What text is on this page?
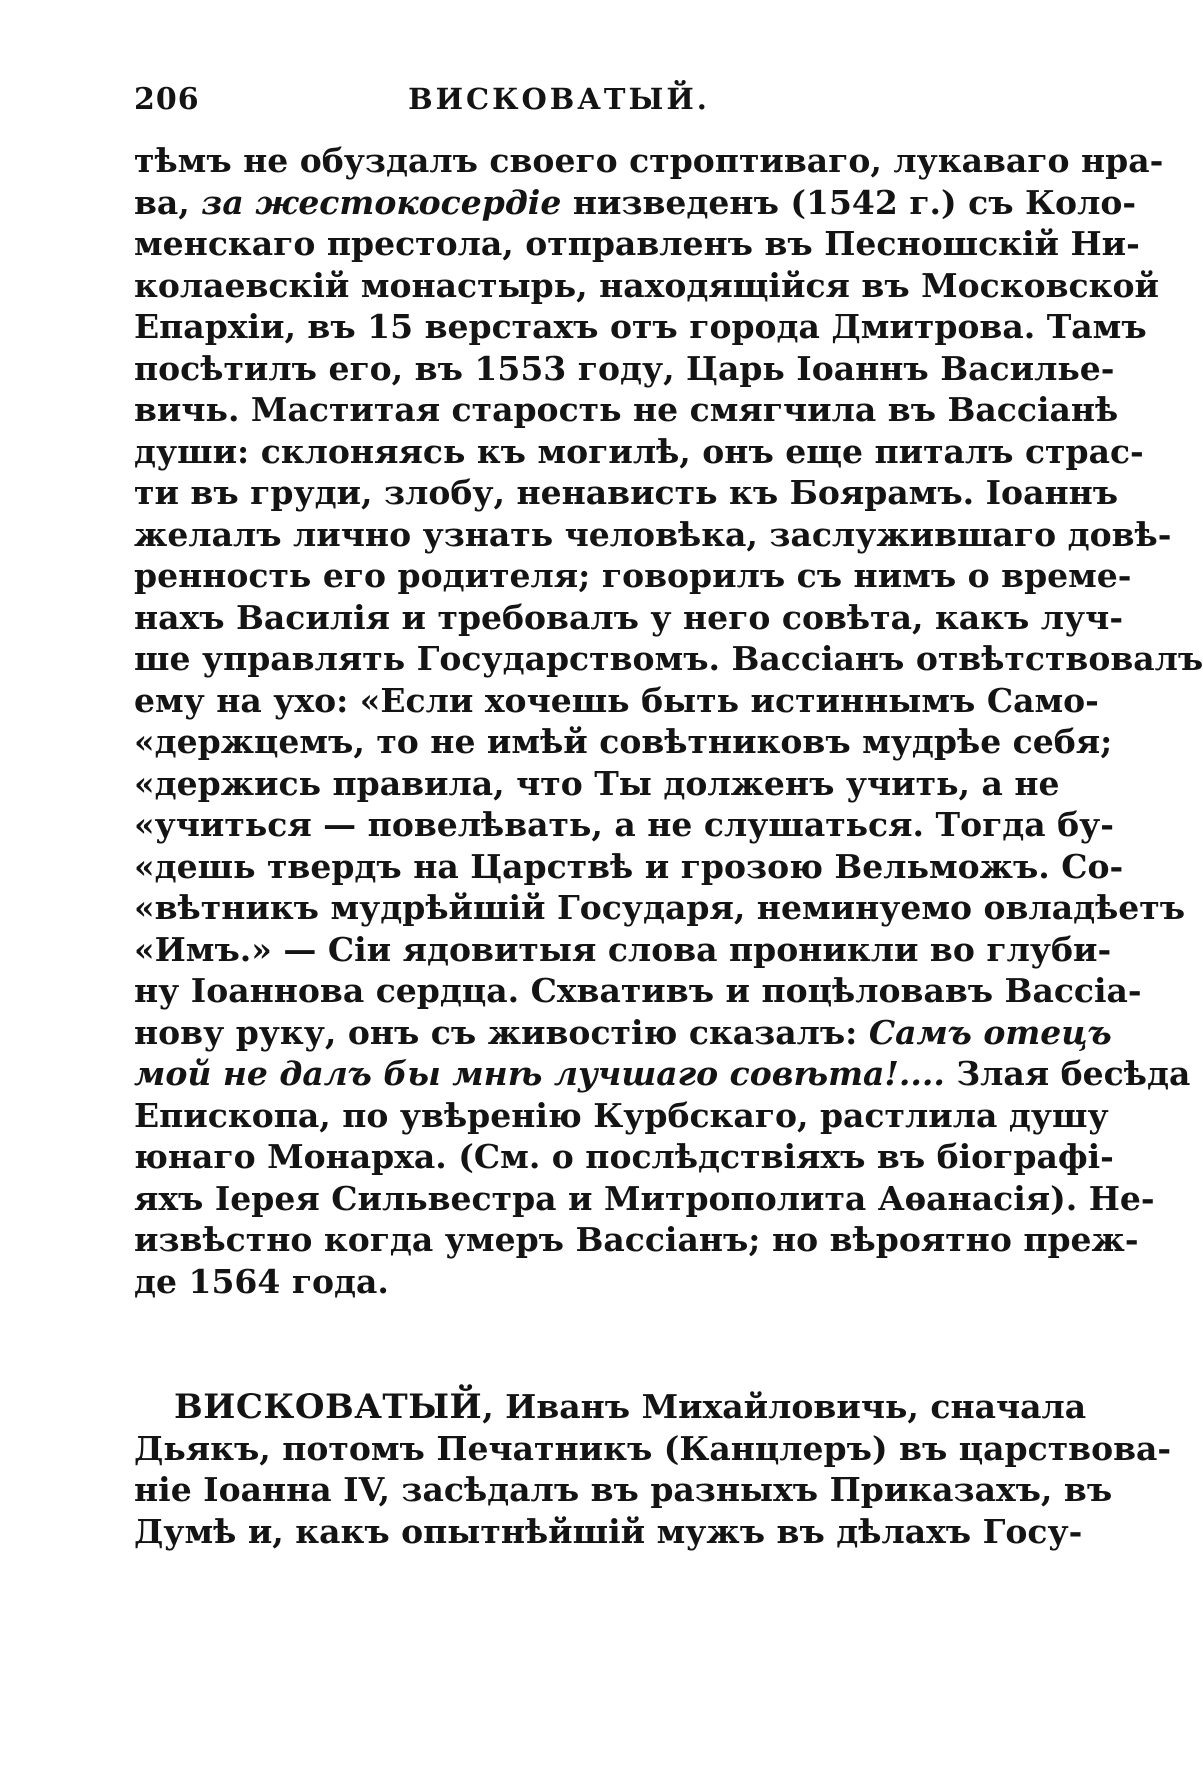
206	ВИСКОВАТЫЙ.
тѣмъ не обуздалъ своего строптиваго, лукаваго нра-
ва, за жестокосердіе низведенъ (1542 г.) съ Коло-
менскаго престола, отправленъ въ Песношскій Ни-
колаевскій монастырь, находящійся въ Московской
Епархіи, въ 15 верстахъ отъ города Дмитрова. Тамъ
посѣтилъ его, въ 1553 году, Царь Іоаннъ Василье-
вичь. Маститая старость не смягчила въ Вассіанѣ
души: склоняясь къ могилѣ, онъ еще питалъ страс-
ти въ груди, злобу, ненависть къ Боярамъ. Іоаннъ
желалъ лично узнать человѣка, заслужившаго довѣ-
ренность его родителя; говорилъ съ нимъ о време-
нахъ Василія и требовалъ у него совѣта, какъ луч-
ше управлять Государствомъ. Вассіанъ отвѣтствовалъ
ему на ухо: «Если хочешь быть истиннымъ Само-
«держцемъ, то не имѣй совѣтниковъ мудрѣе себя;
«держись правила, что Ты долженъ учить, а не
«учиться — повелѣвать, а не слушаться. Тогда бу-
«дешь твердъ на Царствѣ и грозою Вельможъ. Со-
«вѣтникъ мудрѣйшій Государя, неминуемо овладѣетъ
«Имъ.» — Сіи ядовитыя слова проникли во глуби-
ну Іоаннова сердца. Схвативъ и поцѣловавъ Вассіа-
нову руку, онъ съ живостію сказалъ: Самъ отецъ
мой не далъ бы мнѣ лучшаго совѣта!.... Злая бесѣда
Епископа, по увѣренію Курбскаго, растлила душу
юнаго Монарха. (См. о послѣдствіяхъ въ біографі-
яхъ Іерея Сильвестра и Митрополита Аѳанасія). Не-
извѣстно когда умеръ Вассіанъ; но вѣроятно преж-
де 1564 года.
ВИСКОВАТЫЙ, Иванъ Михайловичь, сначала
Дьякъ, потомъ Печатникъ (Канцлеръ) въ царствова-
ніе Іоанна IV, засѣдалъ въ разныхъ Приказахъ, въ
Думѣ и, какъ опытнѣйшій мужъ въ дѣлахъ Госу-
